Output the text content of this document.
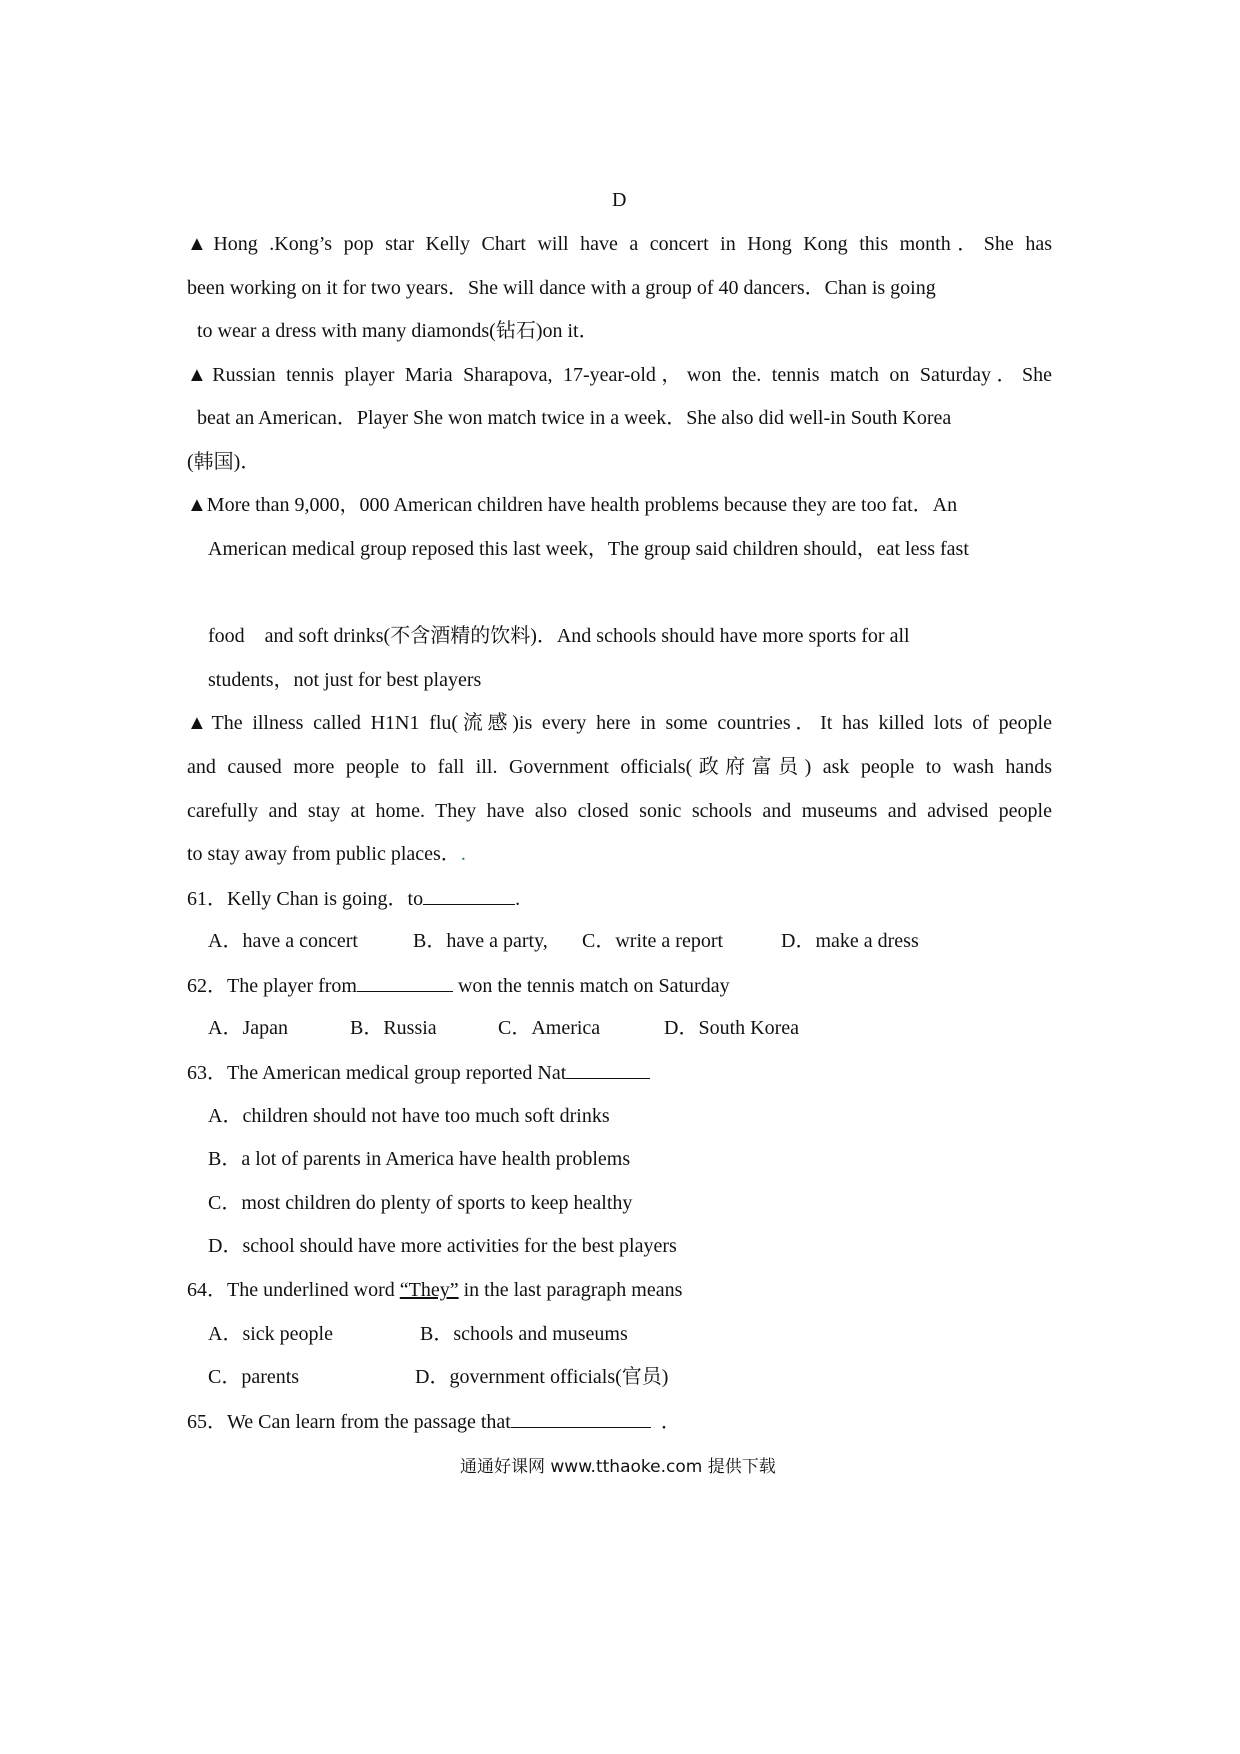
D
▲Hong .Kong’s pop star Kelly Chart will have a concert in Hong Kong this month．She has
been working on it for two years．She will dance with a group of 40 dancers．Chan is going
to wear a dress with many diamonds(钻石)on it．
▲Russian tennis player Maria Sharapova, 17-year-old，won the. tennis match on Saturday．She
beat an American．Player She won match twice in a week．She also did well-in South Korea
(韩国)．
▲More than 9,000，000 American children have health problems because they are too fat．An
American medical group reposed this last week，The group said children should，eat less fast
food    and soft drinks(不含酒精的饮料)．And schools should have more sports for all
students，not just for best players
▲The illness called H1N1 flu(流感)is every here in some countries．It has killed lots of people
and caused more people to fall ill. Government officials(政府富员) ask people to wash hands
carefully and stay at home. They have also closed sonic schools and museums and advised people
to stay away from public places．.
61．Kelly Chan is going．to	.
A．have a concert	B．have a party, C．write a report	D．make a dress
62．The player from	won the tennis match on Saturday
A．Japan	B．Russia	C．America	D．South Korea
63．The American medical group reported Nat
A．children should not have too much soft drinks
B．a lot of parents in America have health problems
C．most children do plenty of sports to keep healthy
D．school should have more activities for the best players
64．The underlined word “They” in the last paragraph means
A．sick people	B．schools and museums
C．parents	D．government officials(官员)
65．We Can learn from the passage that	．
通通好课网 www.tthaoke.com 提供下载
